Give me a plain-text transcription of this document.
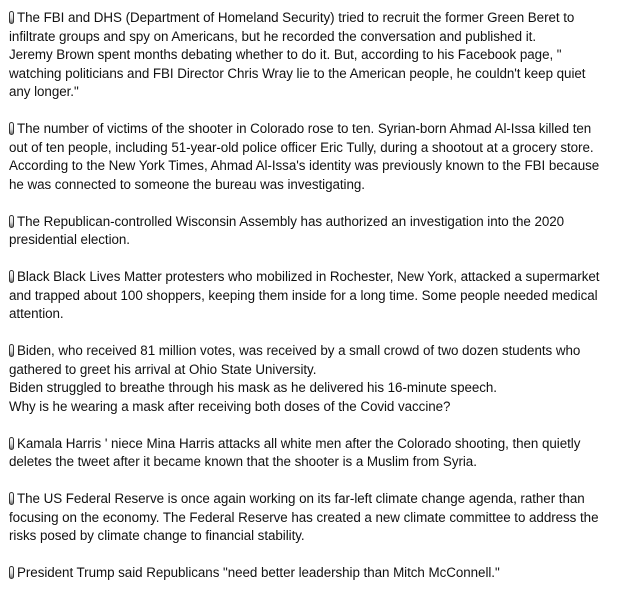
The FBI and DHS (Department of Homeland Security) tried to recruit the former Green Beret to
infiltrate groups and spy on Americans, but he recorded the conversation and published it.
Jeremy Brown spent months debating whether to do it. But, according to his Facebook page, "
watching politicians and FBI Director Chris Wray lie to the American people, he couldn't keep quiet
any longer."
The number of victims of the shooter in Colorado rose to ten. Syrian-born Ahmad Al-Issa killed ten
out of ten people, including 51-year-old police officer Eric Tully, during a shootout at a grocery store.
According to the New York Times, Ahmad Al-Issa's identity was previously known to the FBI because
he was connected to someone the bureau was investigating.
The Republican-controlled Wisconsin Assembly has authorized an investigation into the 2020
presidential election.
Black Black Lives Matter protesters who mobilized in Rochester, New York, attacked a supermarket
and trapped about 100 shoppers, keeping them inside for a long time. Some people needed medical
attention.
Biden, who received 81 million votes, was received by a small crowd of two dozen students who
gathered to greet his arrival at Ohio State University.
Biden struggled to breathe through his mask as he delivered his 16-minute speech.
Why is he wearing a mask after receiving both doses of the Covid vaccine?
Kamala Harris ' niece Mina Harris attacks all white men after the Colorado shooting, then quietly
deletes the tweet after it became known that the shooter is a Muslim from Syria.
The US Federal Reserve is once again working on its far-left climate change agenda, rather than
focusing on the economy. The Federal Reserve has created a new climate committee to address the
risks posed by climate change to financial stability.
President Trump said Republicans "need better leadership than Mitch McConnell."
